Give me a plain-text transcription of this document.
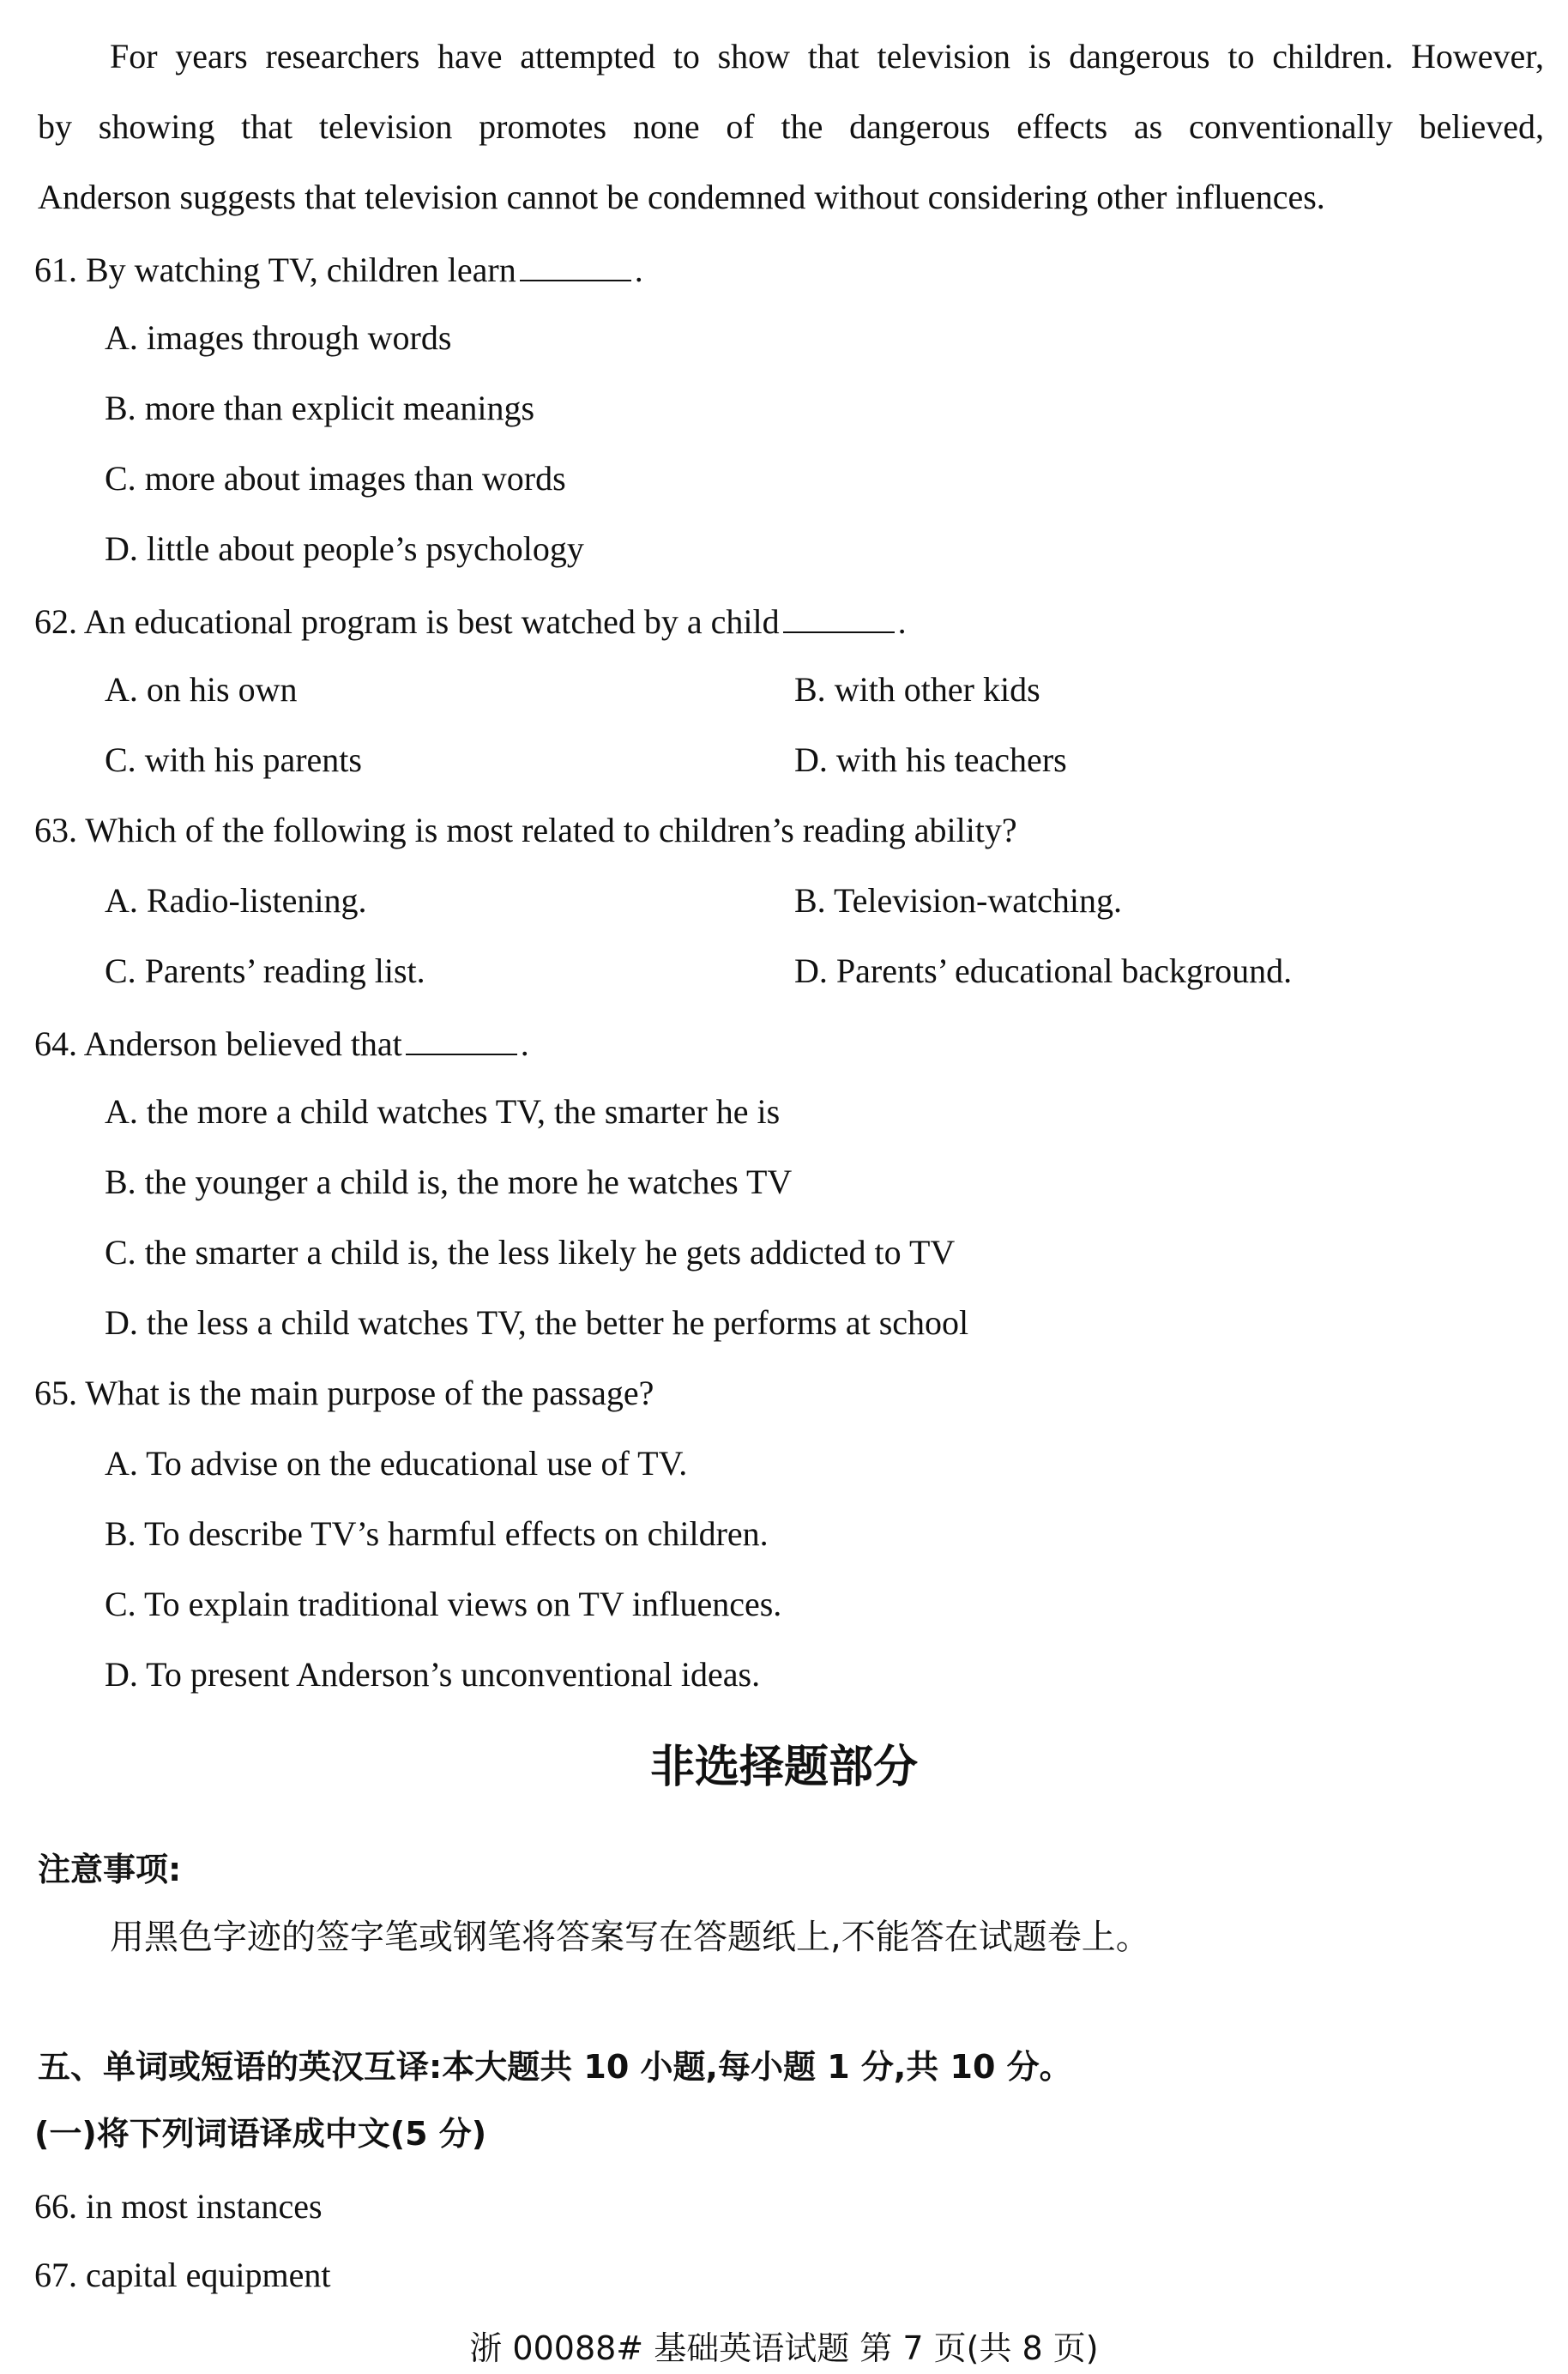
For years researchers have attempted to show that television is dangerous to children. However,
by showing that television promotes none of the dangerous effects as conventionally believed,
Anderson suggests that television cannot be condemned without considering other influences.
61. By watching TV, children learn	.
A. images through words
B. more than explicit meanings
C. more about images than words
D. little about people’s psychology
62. An educational program is best watched by a child	.
A. on his own	B. with other kids
C. with his parents	D. with his teachers
63. Which of the following is most related to children’s reading ability?
A. Radio-listening.	B. Television-watching.
C. Parents’ reading list.	D. Parents’ educational background.
64. Anderson believed that	.
A. the more a child watches TV, the smarter he is
B. the younger a child is, the more he watches TV
C. the smarter a child is, the less likely he gets addicted to TV
D. the less a child watches TV, the better he performs at school
65. What is the main purpose of the passage?
A. To advise on the educational use of TV.
B. To describe TV’s harmful effects on children.
C. To explain traditional views on TV influences.
D. To present Anderson’s unconventional ideas.
非选择题部分
注意事项:
用黑色字迹的签字笔或钢笔将答案写在答题纸上,不能答在试题卷上。
五、单词或短语的英汉互译:本大题共 10 小题,每小题 1 分,共 10 分。
(一)将下列词语译成中文(5 分)
66. in most instances
67. capital equipment
浙 00088# 基础英语试题 第 7 页(共 8 页)
